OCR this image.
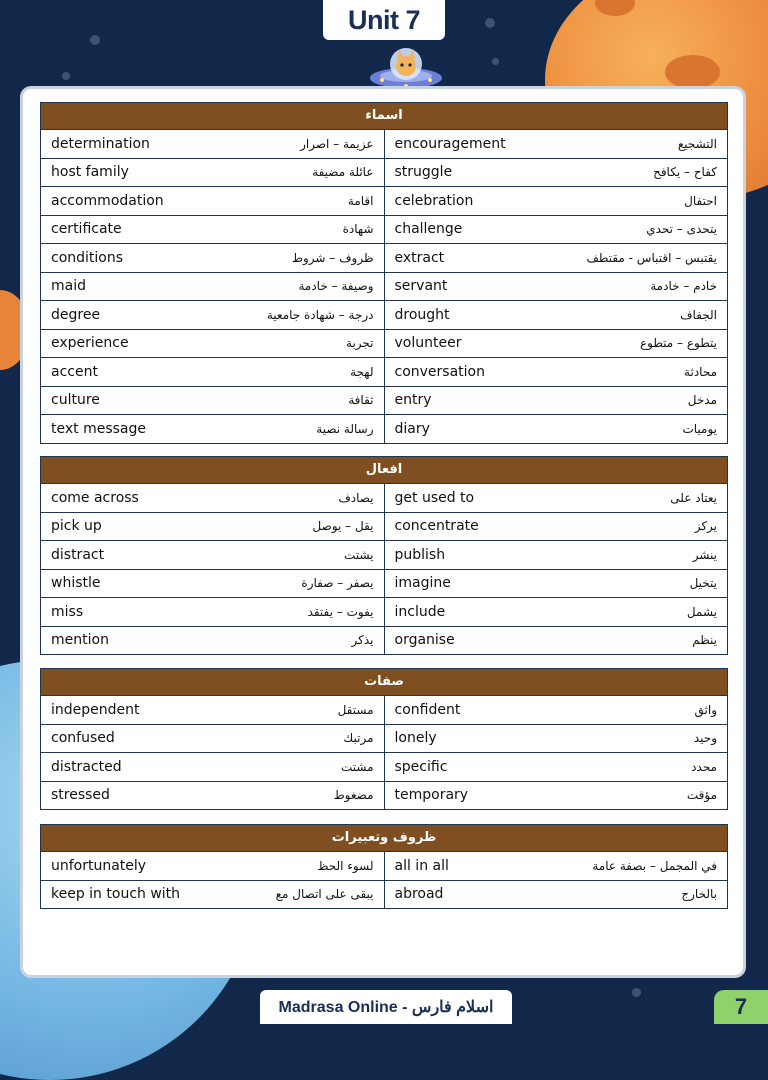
Unit 7
اسماء
determination	عزيمة – اصرار encouragement	التشجيع
host family	عائلة مضيفة struggle	كفاح – يكافح
accommodation	اقامة celebration	احتفال
certificate	شهادة challenge	يتحدى – تحدي
conditions	ظروف – شروط extract	يقتبس – اقتباس - مقتطف
maid	وصيفة – خادمة servant	خادم – خادمة
degree	درجة – شهادة جامعية drought	الجفاف
experience	تجربة volunteer	يتطوع – متطوع
accent	لهجة conversation	محادثة
culture	ثقافة entry	مدخل
text message	رسالة نصية diary	يوميات
افعال
come across	يصادف get used to	يعتاد على
pick up	يقل – يوصل concentrate	يركز
distract	يشتت publish	ينشر
whistle	يصفر – صفارة imagine	يتخيل
miss	يفوت – يفتقد include	يشمل
mention	يذكر organise	ينظم
صفات
independent	مستقل confident	واثق
confused	مرتبك lonely	وحيد
distracted	مشتت specific	محدد
stressed	مضغوط temporary	مؤقت
ظروف وتعبيرات
unfortunately	لسوء الحظ all in all	في المجمل – بصفة عامة
keep in touch with	يبقى على اتصال مع abroad	بالخارج
Madrasa Online - اسلام فارس	7
